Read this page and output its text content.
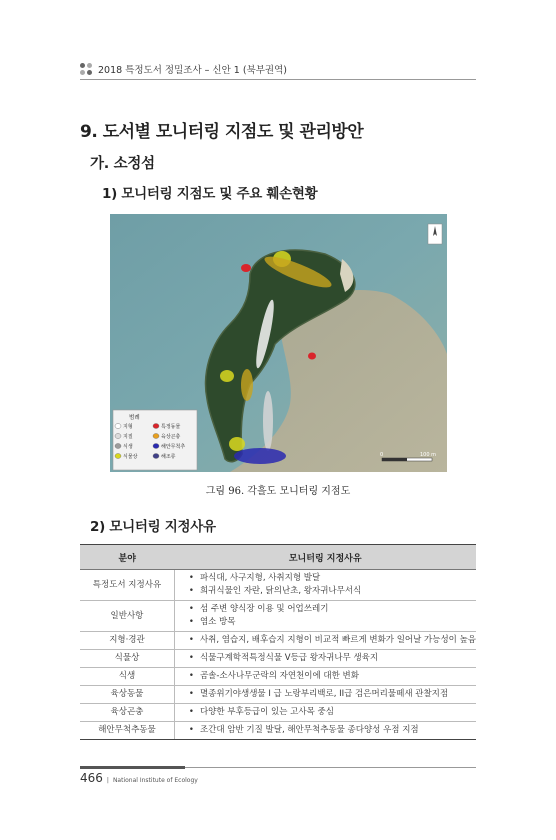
2018 특정도서 정밀조사 – 신안 1 (북부권역)
9. 도서별 모니터링 지점도 및 관리방안
가. 소정섬
1) 모니터링 지점도 및 주요 훼손현황
범례
지형	특정동물
지질	육상곤충
식생	해안무척추
식물상	해조류	0	100 m
그림 96. 각흘도 모니터링 지점도
2) 모니터링 지정사유
분야	모니터링 지정사유
특정도서 지정사유	• 파식대, 사구지형, 사취지형 발달
• 희귀식물인 자란, 닭의난초, 왕자귀나무서식

일반사항	• 섬 주변 양식장 이용 및 어업쓰레기
• 염소 방목

지형·경관	• 사취, 염습지, 배후습지 지형이 비교적 빠르게 변화가 일어날 가능성이 높음

식물상	• 식물구계학적특정식물 V등급 왕자귀나무 생육지

식생	• 곰솔-소사나무군락의 자연천이에 대한 변화

육상동물	• 멸종위기야생생물 I 급 노랑부리백로, II급 검은머리물떼새 관찰지점

육상곤충	• 다양한 부후등급이 있는 고사목 중심

해안무척추동물	• 조간대 암반 기질 발달, 해안무척추동물 종다양성 우점 지점
466 | National Institute of Ecology
